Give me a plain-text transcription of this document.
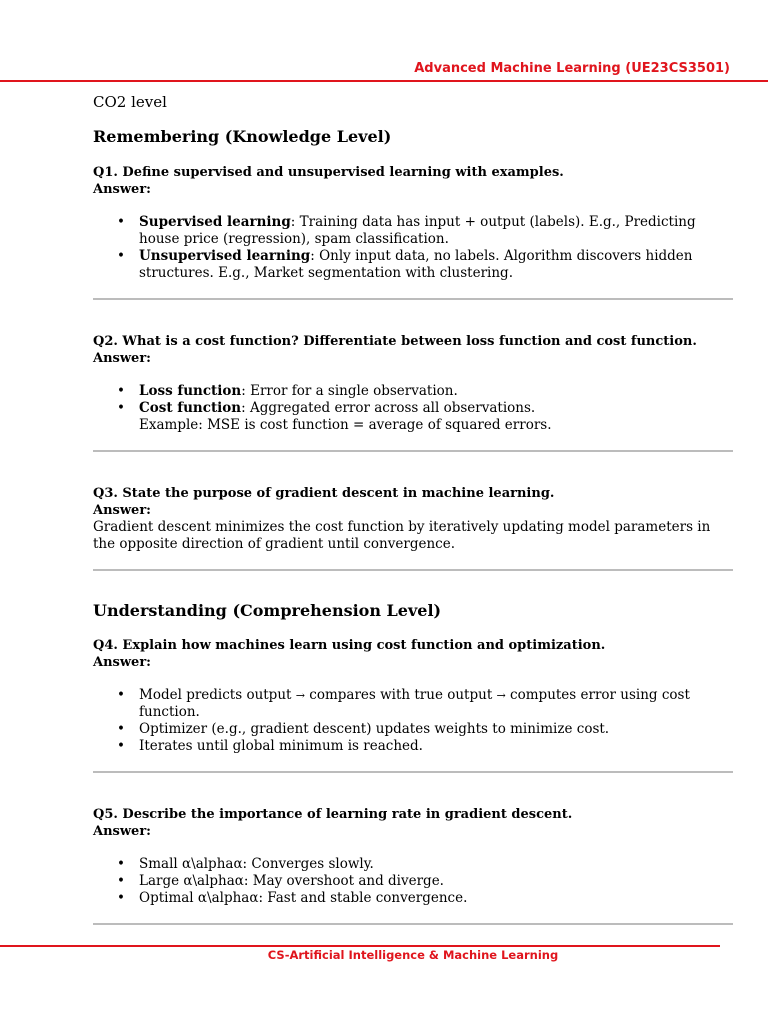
Advanced Machine Learning (UE23CS3501)

CO2 level

Remembering (Knowledge Level)

Q1. Define supervised and unsupervised learning with examples.

Answer:

• Supervised learning: Training data has input + output (labels). E.g., Predicting house price (regression), spam classification.
• Unsupervised learning: Only input data, no labels. Algorithm discovers hidden structures. E.g., Market segmentation with clustering.

Q2. What is a cost function? Differentiate between loss function and cost function.

Answer:

• Loss function: Error for a single observation.
• Cost function: Aggregated error across all observations.
Example: MSE is cost function = average of squared errors.

Q3. State the purpose of gradient descent in machine learning.

Answer:

Gradient descent minimizes the cost function by iteratively updating model parameters in the opposite direction of gradient until convergence.

Understanding (Comprehension Level)

Q4. Explain how machines learn using cost function and optimization.

Answer:

• Model predicts output → compares with true output → computes error using cost function.
• Optimizer (e.g., gradient descent) updates weights to minimize cost.
• Iterates until global minimum is reached.

Q5. Describe the importance of learning rate in gradient descent.

Answer:

• Small α\alphaα: Converges slowly.
• Large α\alphaα: May overshoot and diverge.
• Optimal α\alphaα: Fast and stable convergence.
CS-Artificial Intelligence & Machine Learning
